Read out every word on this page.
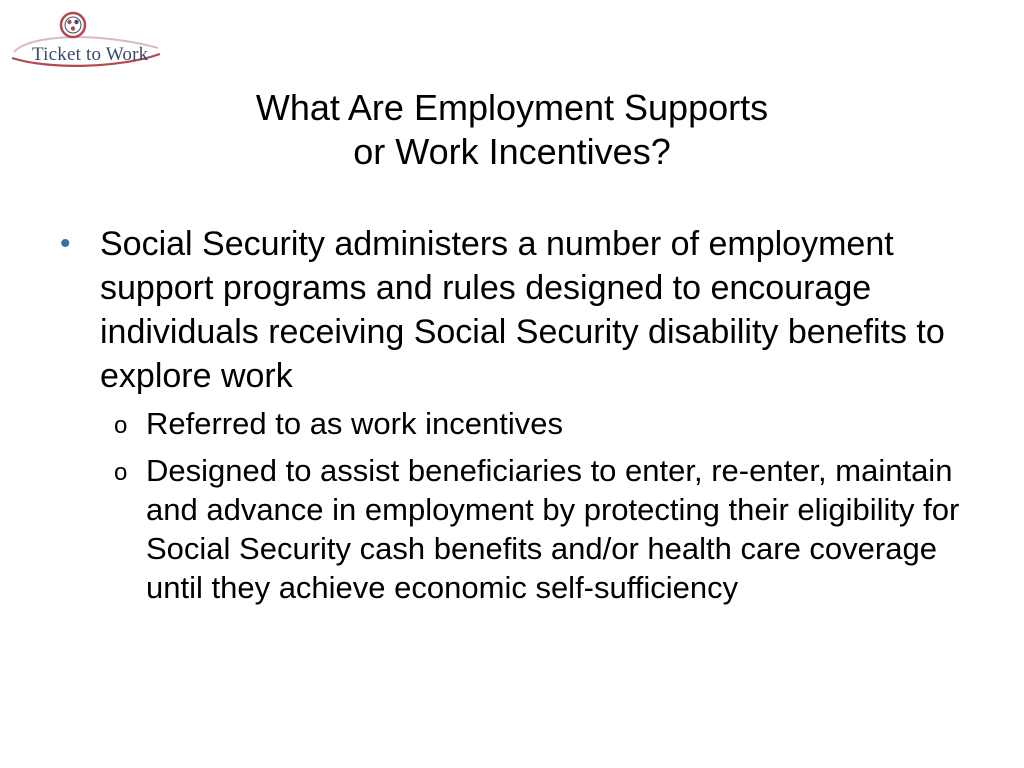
Ticket to Work
What Are Employment Supports
or Work Incentives?
• Social Security administers a number of employment support programs and rules designed to encourage individuals receiving Social Security disability benefits to explore work
o Referred to as work incentives
o Designed to assist beneficiaries to enter, re-enter, maintain and advance in employment by protecting their eligibility for Social Security cash benefits and/or health care coverage until they achieve economic self-sufficiency
